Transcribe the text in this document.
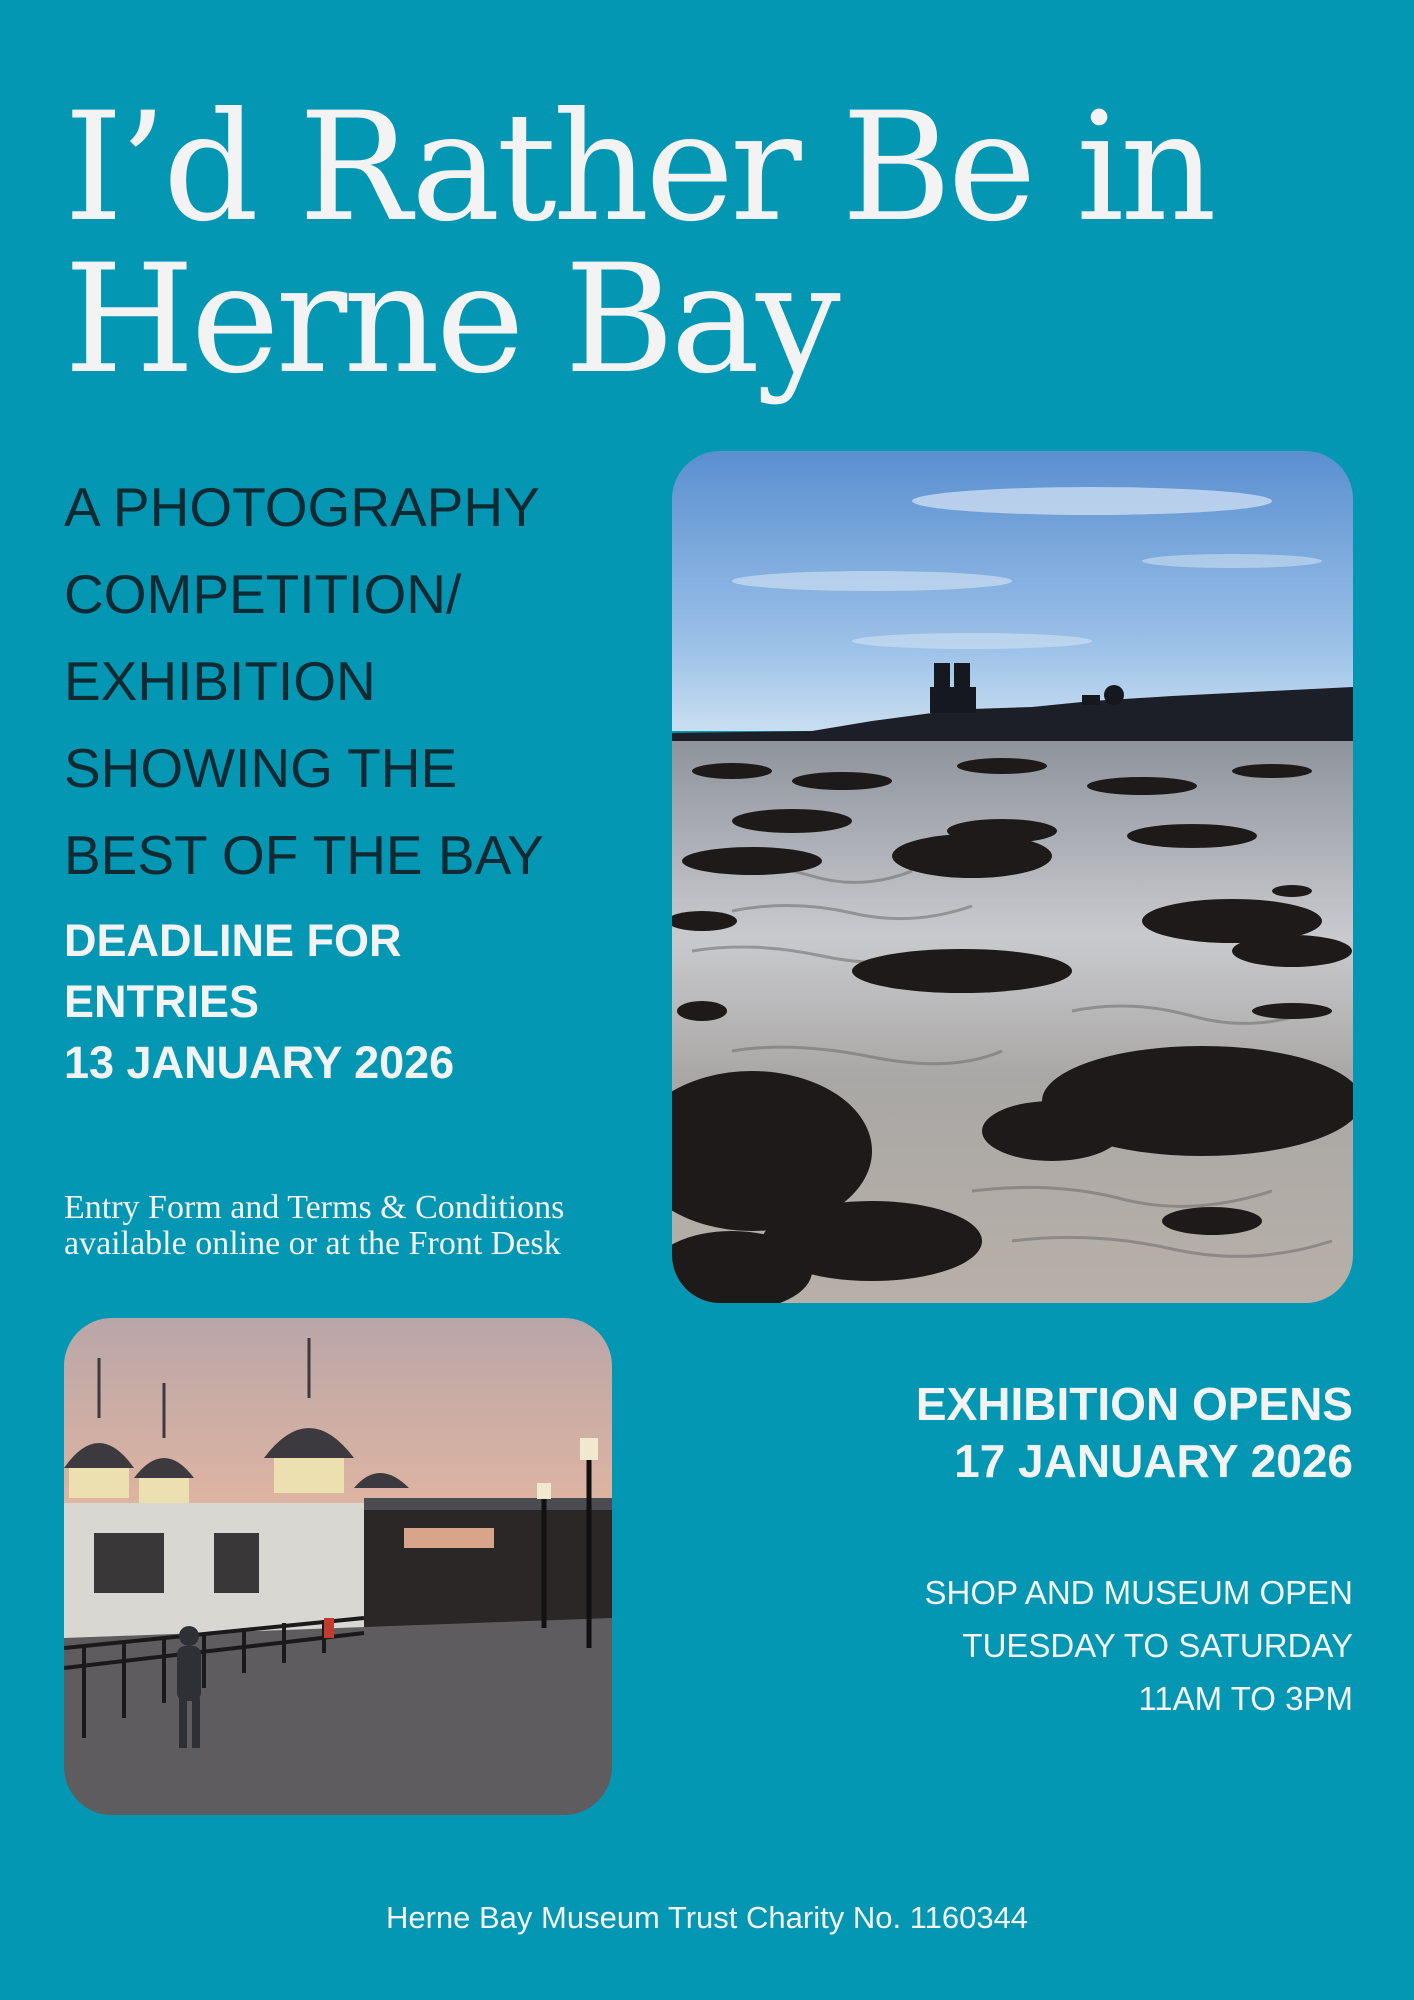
I’d Rather Be in
Herne Bay
A PHOTOGRAPHY
COMPETITION/
EXHIBITION
SHOWING THE
BEST OF THE BAY
DEADLINE FOR
ENTRIES
13 JANUARY 2026
Entry Form and Terms & Conditions
available online or at the Front Desk
EXHIBITION OPENS
17 JANUARY 2026
SHOP AND MUSEUM OPEN
TUESDAY TO SATURDAY
11AM TO 3PM
Herne Bay Museum Trust Charity No. 1160344
